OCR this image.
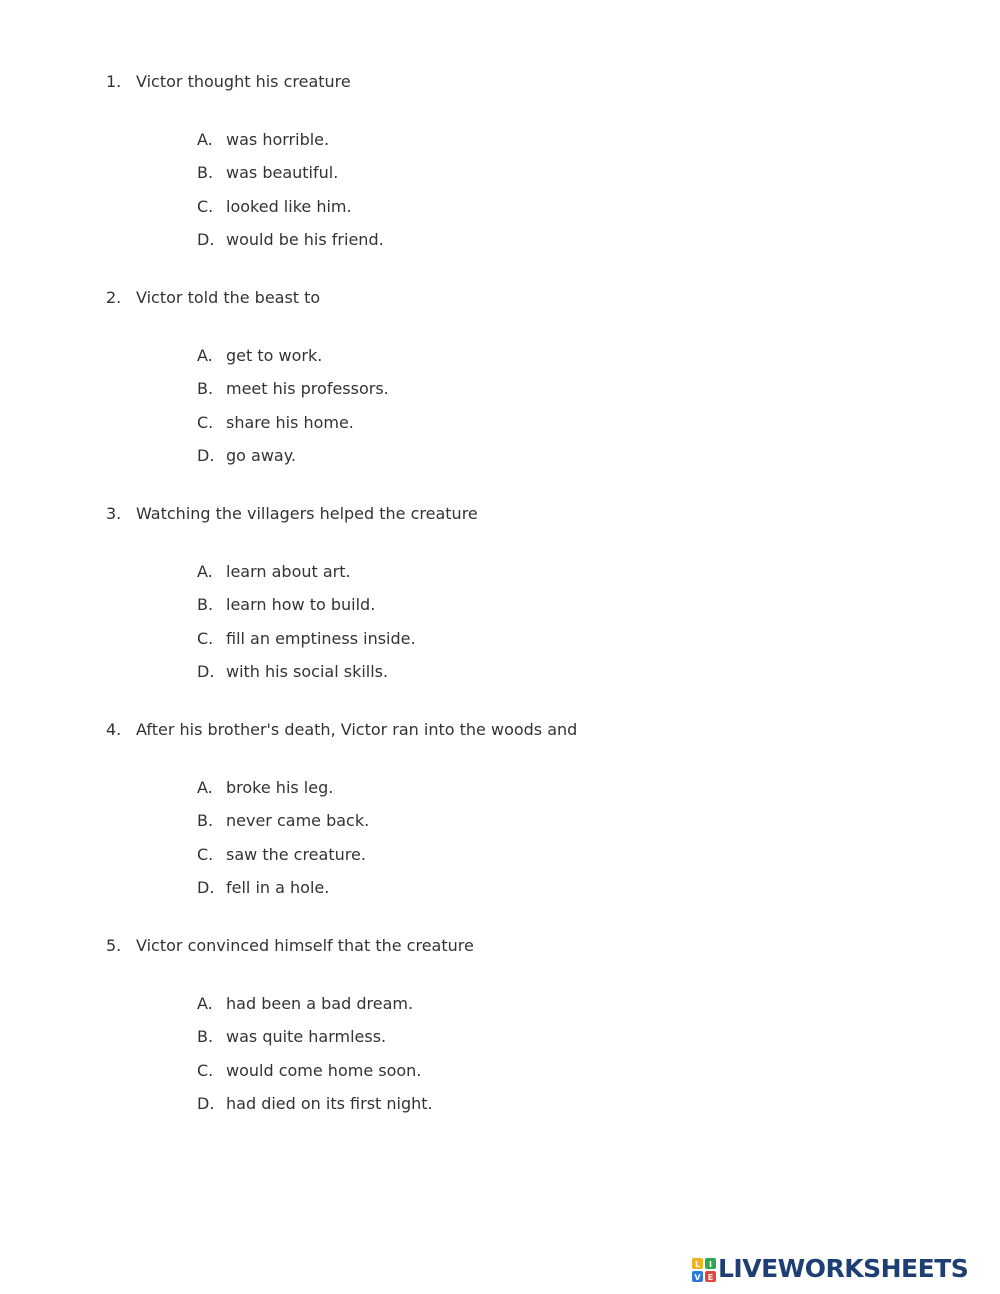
1. Victor thought his creature
A. was horrible.
B. was beautiful.
C. looked like him.
D. would be his friend.
2. Victor told the beast to
A. get to work.
B. meet his professors.
C. share his home.
D. go away.
3. Watching the villagers helped the creature
A. learn about art.
B. learn how to build.
C. fill an emptiness inside.
D. with his social skills.
4. After his brother's death, Victor ran into the woods and
A. broke his leg.
B. never came back.
C. saw the creature.
D. fell in a hole.
5. Victor convinced himself that the creature
A. had been a bad dream.
B. was quite harmless.
C. would come home soon.
D. had died on its first night.
L I
V E LIVEWORKSHEETS
